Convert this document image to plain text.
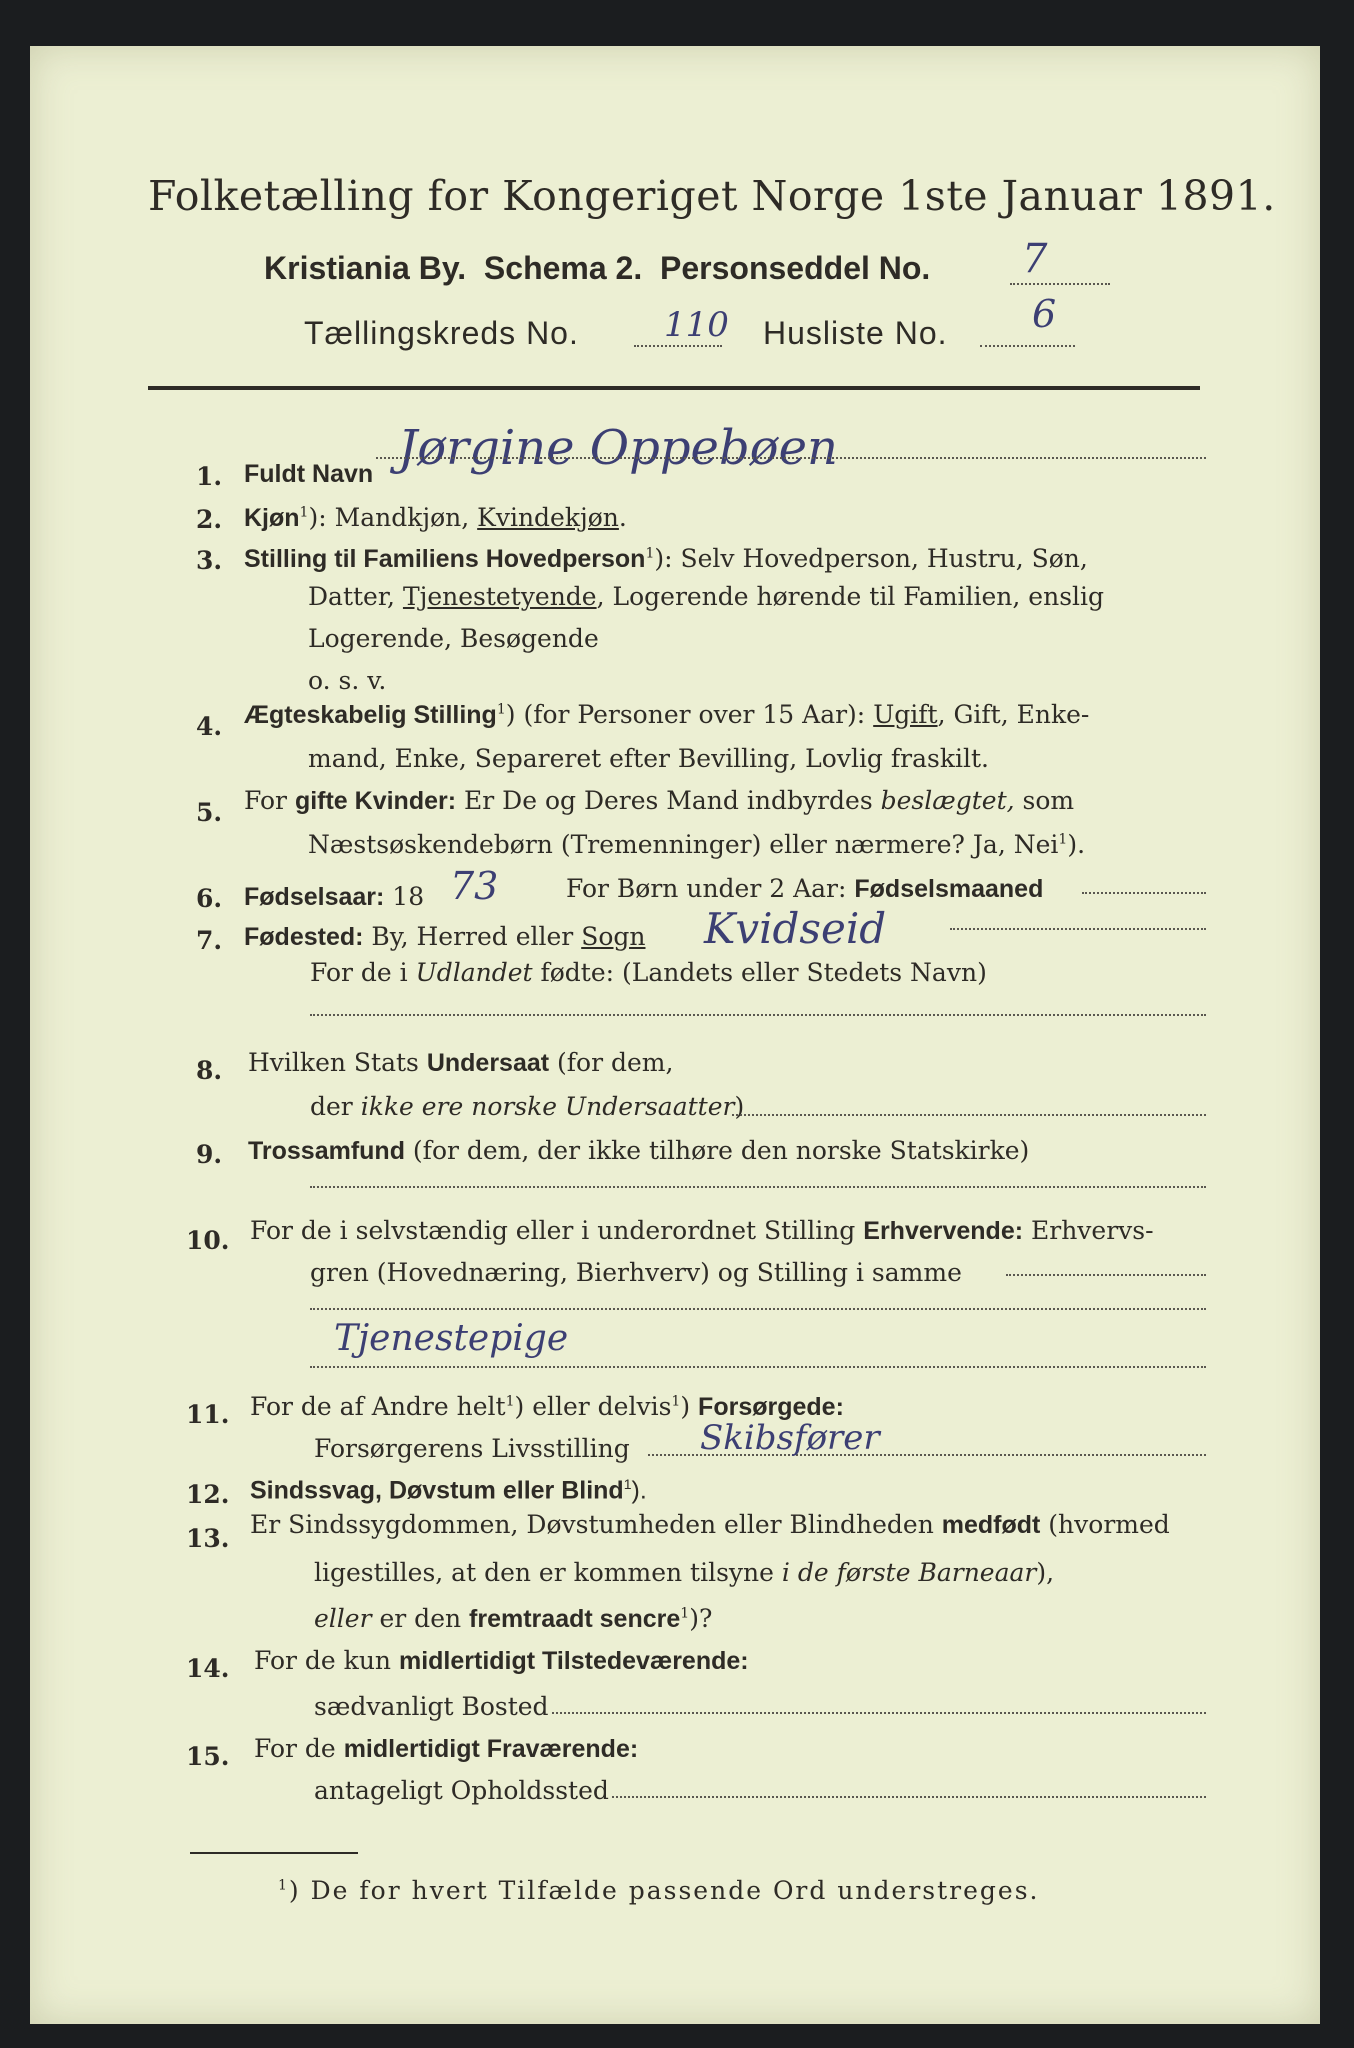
Folketælling for Kongeriget Norge 1ste Januar 1891.
Kristiania By. Schema 2. Personseddel No. 7
Tællingskreds No.	110 Husliste No. 6
1. Fuldt Navn Jørgine Oppebøen
2. Kjøn$^1$): Mandkjøn, Kvindekjøn.
3. Stilling til Familiens Hovedperson$^1$): Selv Hovedperson, Hustru, Søn,
Datter, Tjenestetyende, Logerende hørende til Familien, enslig
Logerende, Besøgende
o. s. v.
4. Ægteskabelig Stilling$^1$) (for Personer over 15 Aar): Ugift, Gift, Enke-
mand, Enke, Separeret efter Bevilling, Lovlig fraskilt.
5. For gifte Kvinder: Er De og Deres Mand indbyrdes beslægtet, som
Næstsøskendebørn (Tremenninger) eller nærmere? Ja, Nei$^1$).
6. Fødselsaar: 18 73	For Børn under 2 Aar: Fødselsmaaned
7. Fødested: By, Herred eller Sogn Kvidseid
For de i Udlandet fødte: (Landets eller Stedets Navn)
8. Hvilken Stats Undersaat (for dem,
der ikke ere norske Undersaatter)
9. Trossamfund (for dem, der ikke tilhøre den norske Statskirke)
10. For de i selvstændig eller i underordnet Stilling Erhvervende: Erhvervs-
gren (Hovednæring, Bierhverv) og Stilling i samme
Tjenestepige
11. For de af Andre helt$^1$) eller delvis$^1$) Forsørgede:
Forsørgerens Livsstilling Skibsfører
12. Sindssvag, Døvstum eller Blind$^1$).
13. Er Sindssygdommen, Døvstumheden eller Blindheden medfødt (hvormed
ligestilles, at den er kommen tilsyne i de første Barneaar),
eller er den fremtraadt sencre$^1$)?
14. For de kun midlertidigt Tilstedeværende:
sædvanligt Bosted
15. For de midlertidigt Fraværende:
antageligt Opholdssted
$^1$) De for hvert Tilfælde passende Ord understreges.
